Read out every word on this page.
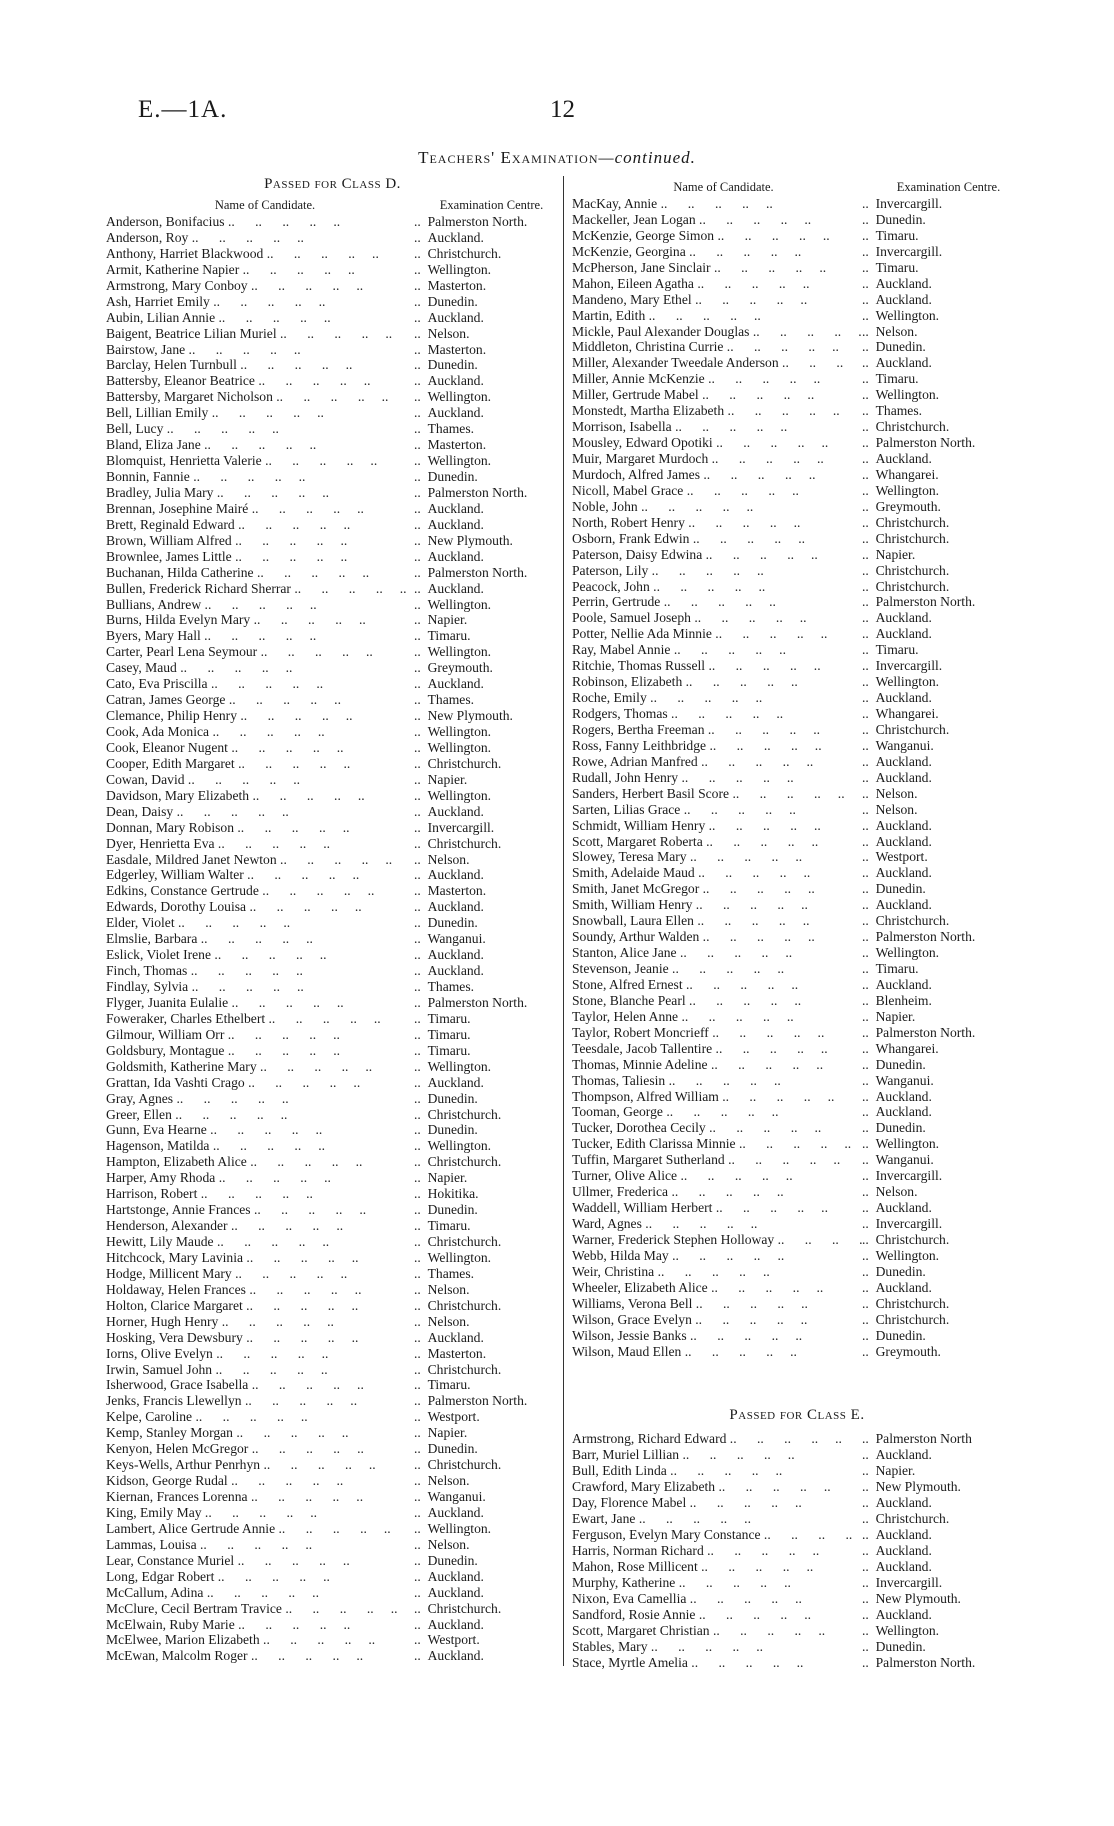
E.—1A.	12
Teachers' Examination—continued.
Passed for Class D.
Name of Candidate.	Examination Centre.
Anderson, Bonifacius ..	..  Palmerston North.
Anderson, Roy ..	..  Auckland.
Anthony, Harriet Blackwood ..	..  Christchurch.
Armit, Katherine Napier ..	..  Wellington.
Armstrong, Mary Conboy ..	..  Masterton.
Ash, Harriet Emily ..	..  Dunedin.
Aubin, Lilian Annie ..	..  Auckland.
Baigent, Beatrice Lilian Muriel ..	..  Nelson.
Bairstow, Jane ..	..  Masterton.
Barclay, Helen Turnbull ..	..  Dunedin.
Battersby, Eleanor Beatrice ..	..  Auckland.
Battersby, Margaret Nicholson ..	..  Wellington.
Bell, Lillian Emily ..	..  Auckland.
Bell, Lucy ..	..  Thames.
Bland, Eliza Jane ..	..  Masterton.
Blomquist, Henrietta Valerie ..	..  Wellington.
Bonnin, Fannie ..	..  Dunedin.
Bradley, Julia Mary ..	..  Palmerston North.
Brennan, Josephine Mairé ..	..  Auckland.
Brett, Reginald Edward ..	..  Auckland.
Brown, William Alfred ..	..  New Plymouth.
Brownlee, James Little ..	..  Auckland.
Buchanan, Hilda Catherine ..	..  Palmerston North.
Bullen, Frederick Richard Sherrar ..	..  Auckland.
Bullians, Andrew ..	..  Wellington.
Burns, Hilda Evelyn Mary ..	..  Napier.
Byers, Mary Hall ..	..  Timaru.
Carter, Pearl Lena Seymour ..	..  Wellington.
Casey, Maud ..	..  Greymouth.
Cato, Eva Priscilla ..	..  Auckland.
Catran, James George ..	..  Thames.
Clemance, Philip Henry ..	..  New Plymouth.
Cook, Ada Monica ..	..  Wellington.
Cook, Eleanor Nugent ..	..  Wellington.
Cooper, Edith Margaret ..	..  Christchurch.
Cowan, David ..	..  Napier.
Davidson, Mary Elizabeth ..	..  Wellington.
Dean, Daisy ..	..  Auckland.
Donnan, Mary Robison ..	..  Invercargill.
Dyer, Henrietta Eva ..	..  Christchurch.
Easdale, Mildred Janet Newton ..	..  Nelson.
Edgerley, William Walter ..	..  Auckland.
Edkins, Constance Gertrude ..	..  Masterton.
Edwards, Dorothy Louisa ..	..  Auckland.
Elder, Violet ..	..  Dunedin.
Elmslie, Barbara ..	..  Wanganui.
Eslick, Violet Irene ..	..  Auckland.
Finch, Thomas ..	..  Auckland.
Findlay, Sylvia ..	..  Thames.
Flyger, Juanita Eulalie ..	..  Palmerston North.
Foweraker, Charles Ethelbert ..	..  Timaru.
Gilmour, William Orr ..	..  Timaru.
Goldsbury, Montague ..	..  Timaru.
Goldsmith, Katherine Mary ..	..  Wellington.
Grattan, Ida Vashti Crago ..	..  Auckland.
Gray, Agnes ..	..  Dunedin.
Greer, Ellen ..	..  Christchurch.
Gunn, Eva Hearne ..	..  Dunedin.
Hagenson, Matilda ..	..  Wellington.
Hampton, Elizabeth Alice ..	..  Christchurch.
Harper, Amy Rhoda ..	..  Napier.
Harrison, Robert ..	..  Hokitika.
Hartstonge, Annie Frances ..	..  Dunedin.
Henderson, Alexander ..	..  Timaru.
Hewitt, Lily Maude ..	..  Christchurch.
Hitchcock, Mary Lavinia ..	..  Wellington.
Hodge, Millicent Mary ..	..  Thames.
Holdaway, Helen Frances ..	..  Nelson.
Holton, Clarice Margaret ..	..  Christchurch.
Horner, Hugh Henry ..	..  Nelson.
Hosking, Vera Dewsbury ..	..  Auckland.
Iorns, Olive Evelyn ..	..  Masterton.
Irwin, Samuel John ..	..  Christchurch.
Isherwood, Grace Isabella ..	..  Timaru.
Jenks, Francis Llewellyn ..	..  Palmerston North.
Kelpe, Caroline ..	..  Westport.
Kemp, Stanley Morgan ..	..  Napier.
Kenyon, Helen McGregor ..	..  Dunedin.
Keys-Wells, Arthur Penrhyn ..	..  Christchurch.
Kidson, George Rudal ..	..  Nelson.
Kiernan, Frances Lorenna ..	..  Wanganui.
King, Emily May ..	..  Auckland.
Lambert, Alice Gertrude Annie ..	..  Wellington.
Lammas, Louisa ..	..  Nelson.
Lear, Constance Muriel ..	..  Dunedin.
Long, Edgar Robert ..	..  Auckland.
McCallum, Adina ..	..  Auckland.
McClure, Cecil Bertram Travice ..	..  Christchurch.
McElwain, Ruby Marie ..	..  Auckland.
McElwee, Marion Elizabeth ..	..  Westport.
McEwan, Malcolm Roger ..	..  Auckland.
Name of Candidate.	Examination Centre.
MacKay, Annie ..	..  Invercargill.
Mackeller, Jean Logan ..	..  Dunedin.
McKenzie, George Simon ..	..  Timaru.
McKenzie, Georgina ..	..  Invercargill.
McPherson, Jane Sinclair ..	..  Timaru.
Mahon, Eileen Agatha ..	..  Auckland.
Mandeno, Mary Ethel ..	..  Auckland.
Martin, Edith ..	..  Wellington.
Mickle, Paul Alexander Douglas ..	..  Nelson.
Middleton, Christina Currie ..	..  Dunedin.
Miller, Alexander Tweedale Anderson ..	..  Auckland.
Miller, Annie McKenzie ..	..  Timaru.
Miller, Gertrude Mabel ..	..  Wellington.
Monstedt, Martha Elizabeth ..	..  Thames.
Morrison, Isabella ..	..  Christchurch.
Mousley, Edward Opotiki ..	..  Palmerston North.
Muir, Margaret Murdoch ..	..  Auckland.
Murdoch, Alfred James ..	..  Whangarei.
Nicoll, Mabel Grace ..	..  Wellington.
Noble, John ..	..  Greymouth.
North, Robert Henry ..	..  Christchurch.
Osborn, Frank Edwin ..	..  Christchurch.
Paterson, Daisy Edwina ..	..  Napier.
Paterson, Lily ..	..  Christchurch.
Peacock, John ..	..  Christchurch.
Perrin, Gertrude ..	..  Palmerston North.
Poole, Samuel Joseph ..	..  Auckland.
Potter, Nellie Ada Minnie ..	..  Auckland.
Ray, Mabel Annie ..	..  Timaru.
Ritchie, Thomas Russell ..	..  Invercargill.
Robinson, Elizabeth ..	..  Wellington.
Roche, Emily ..	..  Auckland.
Rodgers, Thomas ..	..  Whangarei.
Rogers, Bertha Freeman ..	..  Christchurch.
Ross, Fanny Leithbridge ..	..  Wanganui.
Rowe, Adrian Manfred ..	..  Auckland.
Rudall, John Henry ..	..  Auckland.
Sanders, Herbert Basil Score ..	..  Nelson.
Sarten, Lilias Grace ..	..  Nelson.
Schmidt, William Henry ..	..  Auckland.
Scott, Margaret Roberta ..	..  Auckland.
Slowey, Teresa Mary ..	..  Westport.
Smith, Adelaide Maud ..	..  Auckland.
Smith, Janet McGregor ..	..  Dunedin.
Smith, William Henry ..	..  Auckland.
Snowball, Laura Ellen ..	..  Christchurch.
Soundy, Arthur Walden ..	..  Palmerston North.
Stanton, Alice Jane ..	..  Wellington.
Stevenson, Jeanie ..	..  Timaru.
Stone, Alfred Ernest ..	..  Auckland.
Stone, Blanche Pearl ..	..  Blenheim.
Taylor, Helen Anne ..	..  Napier.
Taylor, Robert Moncrieff ..	..  Palmerston North.
Teesdale, Jacob Tallentire ..	..  Whangarei.
Thomas, Minnie Adeline ..	..  Dunedin.
Thomas, Taliesin ..	..  Wanganui.
Thompson, Alfred William ..	..  Auckland.
Tooman, George ..	..  Auckland.
Tucker, Dorothea Cecily ..	..  Dunedin.
Tucker, Edith Clarissa Minnie ..	..  Wellington.
Tuffin, Margaret Sutherland ..	..  Wanganui.
Turner, Olive Alice ..	..  Invercargill.
Ullmer, Frederica ..	..  Nelson.
Waddell, William Herbert ..	..  Auckland.
Ward, Agnes ..	..  Invercargill.
Warner, Frederick Stephen Holloway ..	..  Christchurch.
Webb, Hilda May ..	..  Wellington.
Weir, Christina ..	..  Dunedin.
Wheeler, Elizabeth Alice ..	..  Auckland.
Williams, Verona Bell ..	..  Christchurch.
Wilson, Grace Evelyn ..	..  Christchurch.
Wilson, Jessie Banks ..	..  Dunedin.
Wilson, Maud Ellen ..	..  Greymouth.
Passed for Class E.
Armstrong, Richard Edward ..	..  Palmerston North
Barr, Muriel Lillian ..	..  Auckland.
Bull, Edith Linda ..	..  Napier.
Crawford, Mary Elizabeth ..	..  New Plymouth.
Day, Florence Mabel ..	..  Auckland.
Ewart, Jane ..	..  Christchurch.
Ferguson, Evelyn Mary Constance ..	..  Auckland.
Harris, Norman Richard ..	..  Auckland.
Mahon, Rose Millicent ..	..  Auckland.
Murphy, Katherine ..	..  Invercargill.
Nixon, Eva Camellia ..	..  New Plymouth.
Sandford, Rosie Annie ..	..  Auckland.
Scott, Margaret Christian ..	..  Wellington.
Stables, Mary ..	..  Dunedin.
Stace, Myrtle Amelia ..	..  Palmerston North.
